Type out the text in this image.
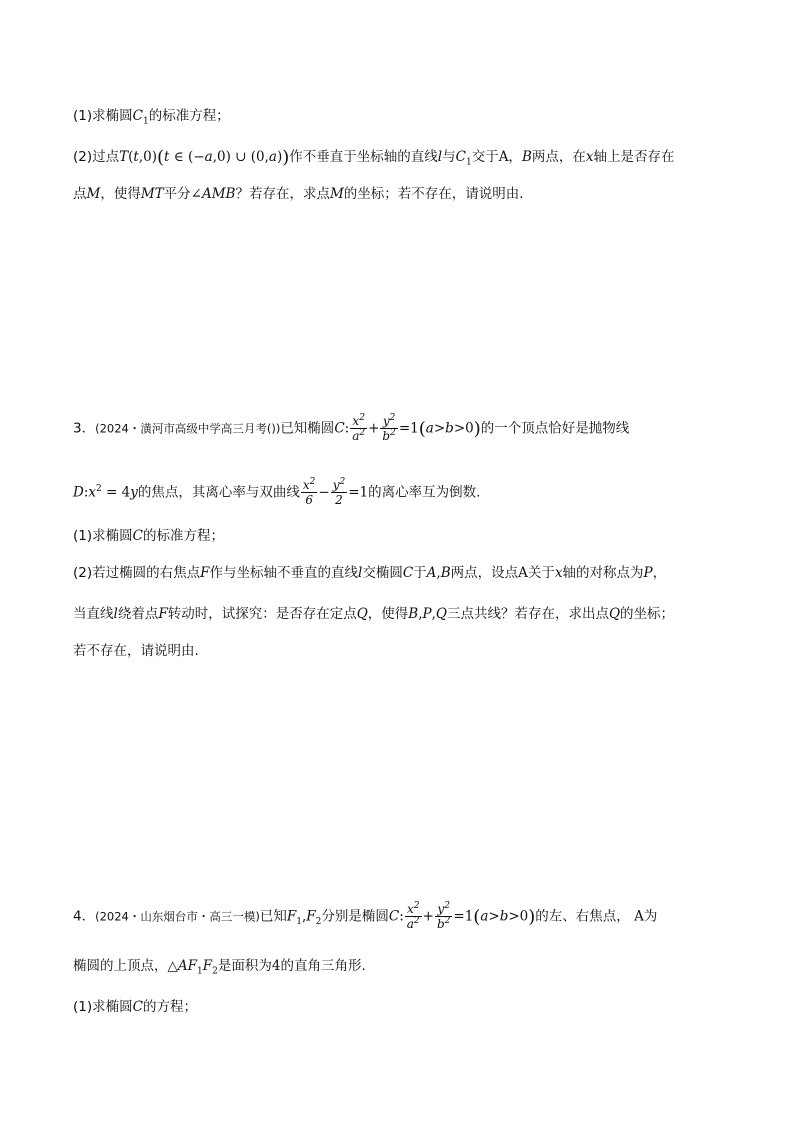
(1)求椭圆$C_1$的标准方程；
(2)过点T(t,0)(t ∈ (−a,0) ∪ (0,a))作不垂直于坐标轴的直线l与$C_1$交于A，B两点，在x轴上是否存在
点M，使得MT平分∠AMB？若存在，求点M的坐标；若不存在，请说明由.
3．(2024・潢河市高级中学高三月考())已知椭圆C: $\frac{x^2}{a^2} + \frac{y^2}{b^2} =1(a>b>0)$的一个顶点恰好是抛物线
$D:x^2 = 4y$的焦点，其离心率与双曲线 $\frac{x^2}{6} - \frac{y^2}{2} =1$的离心率互为倒数.
(1)求椭圆C的标准方程；
(2)若过椭圆的右焦点F作与坐标轴不垂直的直线l交椭圆C于A,B两点，设点A关于x轴的对称点为P，
当直线l绕着点F转动时，试探究：是否存在定点Q，使得B,P,Q三点共线？若存在，求出点Q的坐标；
若不存在，请说明由.
4．(2024・山东烟台市・高三一模)已知$F_1,F_2$分别是椭圆C: $\frac{x^2}{a^2} + \frac{y^2}{b^2} =1(a>b>0)$的左、右焦点， A为
椭圆的上顶点，$\triangle AF_1F_2$是面积为4的直角三角形.
(1)求椭圆C的方程；
